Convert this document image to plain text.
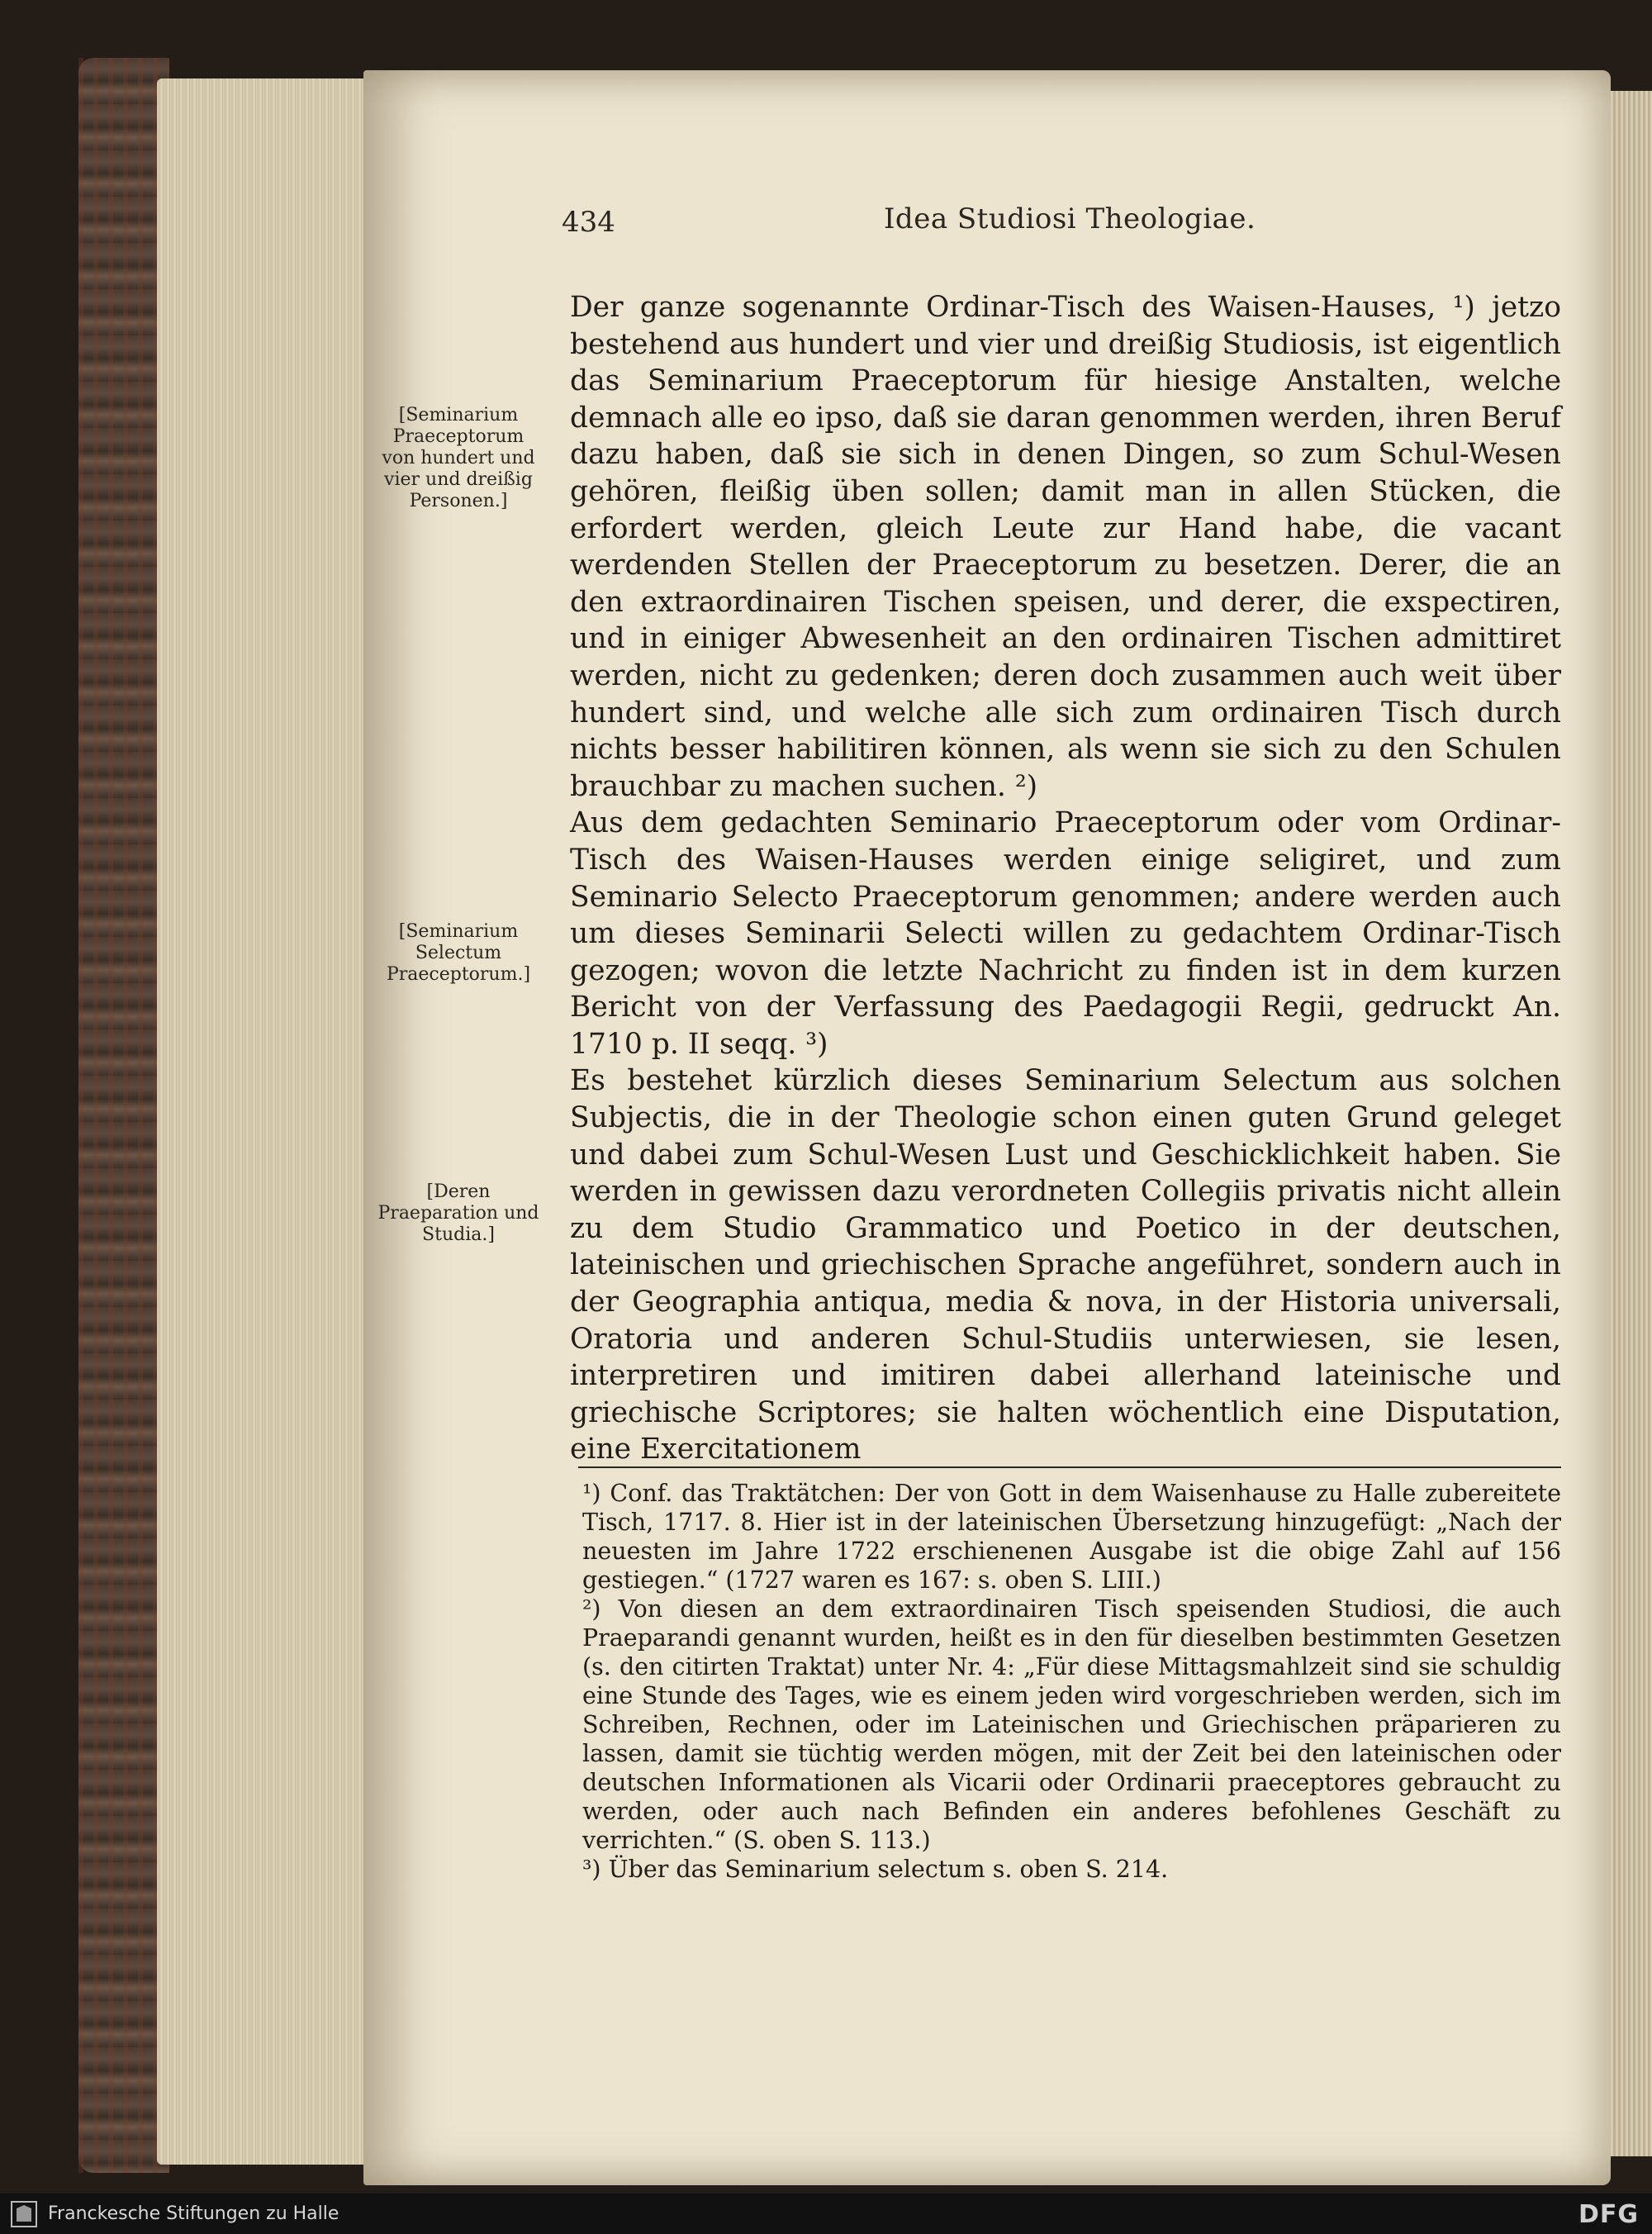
434	Idea Studiosi Theologiae.
[Seminarium Praeceptorum von hundert und vier und dreißig Personen.]
[Seminarium Selectum Praeceptorum.]
[Deren Praeparation und Studia.]

Der ganze sogenannte Ordinar-Tisch des Waisen-Hauses, ¹) jetzo bestehend aus hundert und vier und dreißig Studiosis, ist eigentlich das Seminarium Praeceptorum für hiesige Anstalten, welche demnach alle eo ipso, daß sie daran genommen werden, ihren Beruf dazu haben, daß sie sich in denen Dingen, so zum Schul-Wesen gehören, fleißig üben sollen; damit man in allen Stücken, die erfordert werden, gleich Leute zur Hand habe, die vacant werdenden Stellen der Praeceptorum zu besetzen. Derer, die an den extraordinairen Tischen speisen, und derer, die exspectiren, und in einiger Abwesenheit an den ordinairen Tischen admittiret werden, nicht zu gedenken; deren doch zusammen auch weit über hundert sind, und welche alle sich zum ordinairen Tisch durch nichts besser habilitiren können, als wenn sie sich zu den Schulen brauchbar zu machen suchen. ²)

Aus dem gedachten Seminario Praeceptorum oder vom Ordinar-Tisch des Waisen-Hauses werden einige seligiret, und zum Seminario Selecto Praeceptorum genommen; andere werden auch um dieses Seminarii Selecti willen zu gedachtem Ordinar-Tisch gezogen; wovon die letzte Nachricht zu finden ist in dem kurzen Bericht von der Verfassung des Paedagogii Regii, gedruckt An. 1710 p. II seqq. ³)

Es bestehet kürzlich dieses Seminarium Selectum aus solchen Subjectis, die in der Theologie schon einen guten Grund geleget und dabei zum Schul-Wesen Lust und Geschicklichkeit haben. Sie werden in gewissen dazu verordneten Collegiis privatis nicht allein zu dem Studio Grammatico und Poetico in der deutschen, lateinischen und griechischen Sprache angeführet, sondern auch in der Geographia antiqua, media & nova, in der Historia universali, Oratoria und anderen Schul-Studiis unterwiesen, sie lesen, interpretiren und imitiren dabei allerhand lateinische und griechische Scriptores; sie halten wöchentlich eine Disputation, eine Exercitationem

¹) Conf. das Traktätchen: Der von Gott in dem Waisenhause zu Halle zubereitete Tisch, 1717. 8. Hier ist in der lateinischen Übersetzung hinzugefügt: „Nach der neuesten im Jahre 1722 erschienenen Ausgabe ist die obige Zahl auf 156 gestiegen.“ (1727 waren es 167: s. oben S. LIII.)

²) Von diesen an dem extraordinairen Tisch speisenden Studiosi, die auch Praeparandi genannt wurden, heißt es in den für dieselben bestimmten Gesetzen (s. den citirten Traktat) unter Nr. 4: „Für diese Mittagsmahlzeit sind sie schuldig eine Stunde des Tages, wie es einem jeden wird vorgeschrieben werden, sich im Schreiben, Rechnen, oder im Lateinischen und Griechischen präparieren zu lassen, damit sie tüchtig werden mögen, mit der Zeit bei den lateinischen oder deutschen Informationen als Vicarii oder Ordinarii praeceptores gebraucht zu werden, oder auch nach Befinden ein anderes befohlenes Geschäft zu verrichten.“ (S. oben S. 113.)

³) Über das Seminarium selectum s. oben S. 214.

Franckesche Stiftungen zu Halle	DFG
